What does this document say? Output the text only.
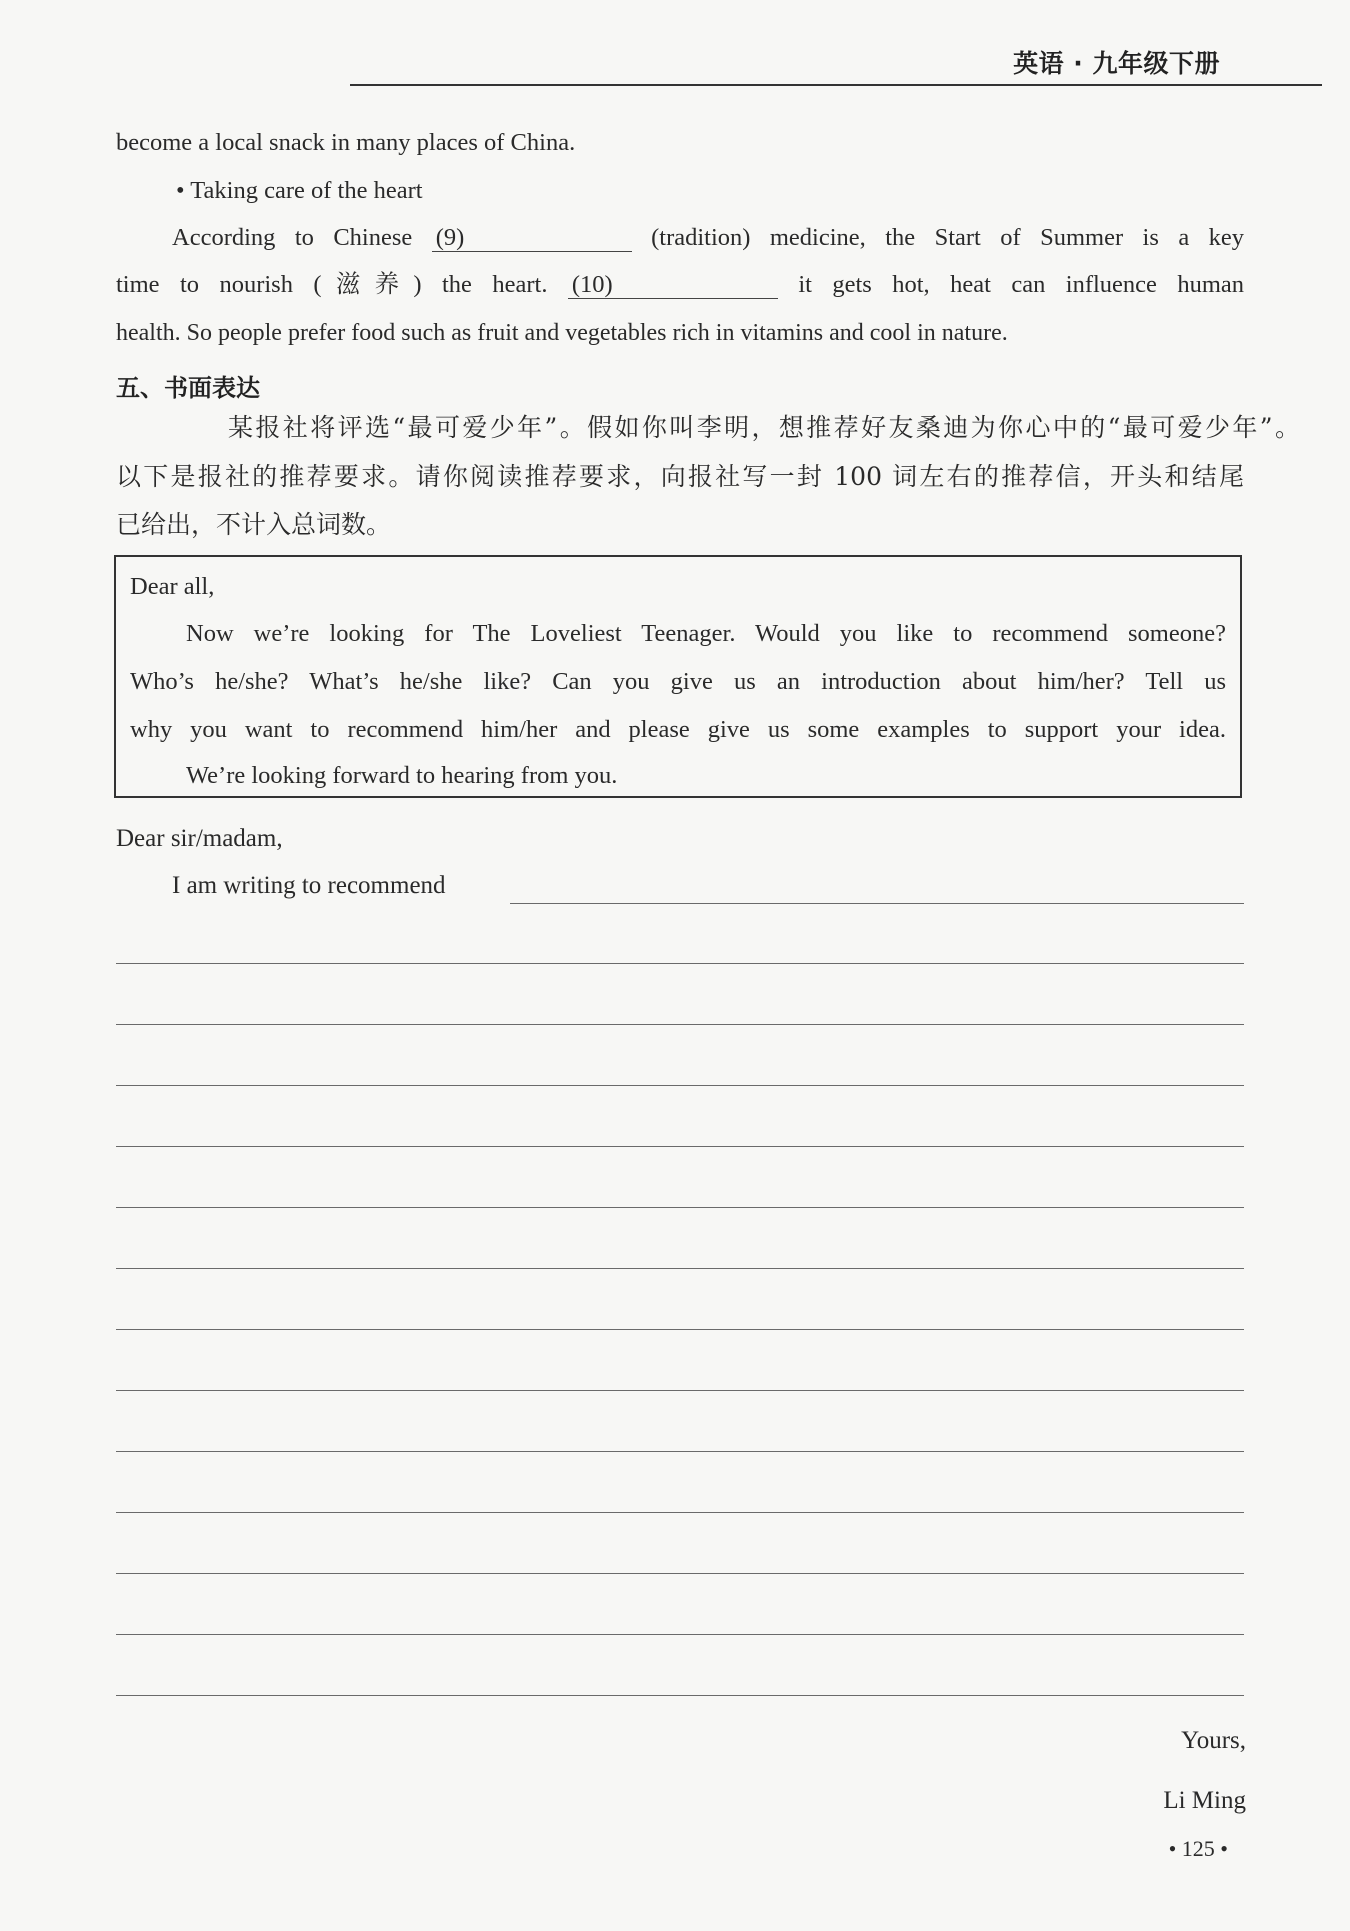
英语 · 九年级下册
become a local snack in many places of China.
• Taking care of the heart
According to Chinese (9)	(tradition) medicine, the Start of Summer is a key
time to nourish (滋养) the heart. (10)	it gets hot, heat can influence human
health. So people prefer food such as fruit and vegetables rich in vitamins and cool in nature.
五、书面表达
某报社将评选“最可爱少年”。假如你叫李明，想推荐好友桑迪为你心中的“最可爱少年”。
以下是报社的推荐要求。请你阅读推荐要求，向报社写一封 100 词左右的推荐信，开头和结尾
已给出，不计入总词数。
Dear all,
Now we’re looking for The Loveliest Teenager. Would you like to recommend someone?
Who’s he/she? What’s he/she like? Can you give us an introduction about him/her? Tell us
why you want to recommend him/her and please give us some examples to support your idea.
We’re looking forward to hearing from you.
Dear sir/madam,
I am writing to recommend
Yours,
Li Ming
• 125 •
